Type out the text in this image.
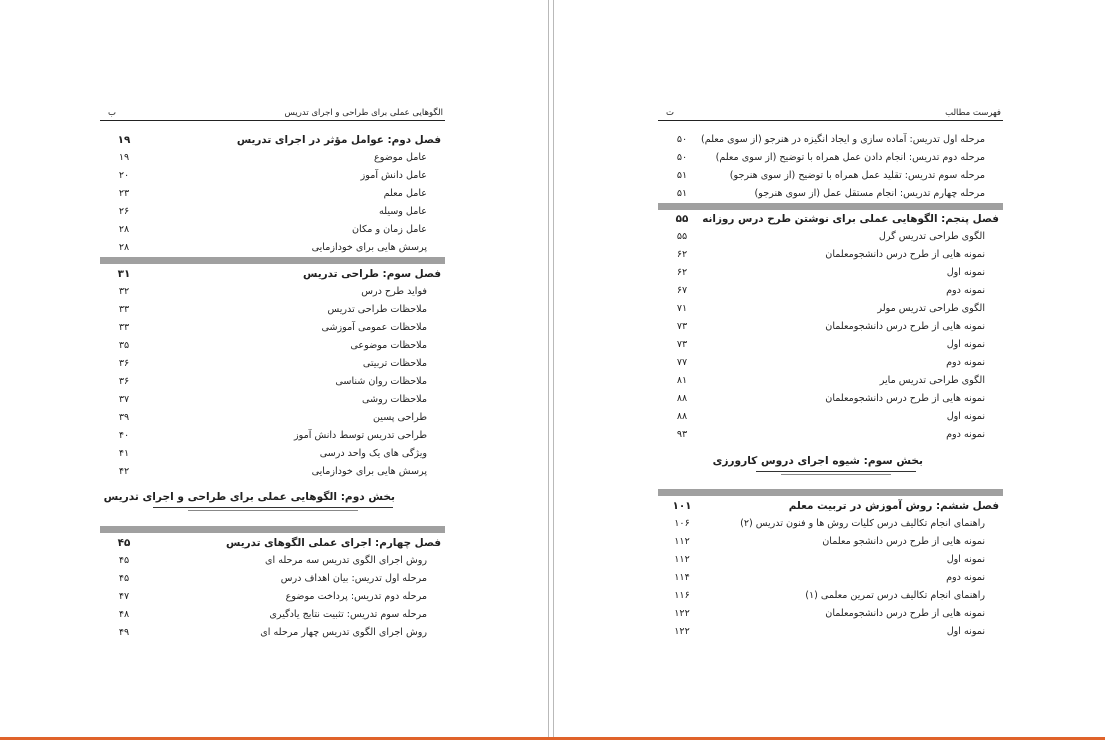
الگوهایی عملی برای طراحی و اجرای تدریس
ب
فصل دوم: عوامل مؤثر در اجرای تدریس
۱۹
عامل موضوع
۱۹
عامل دانش آموز
۲۰
عامل معلم
۲۳
عامل وسیله
۲۶
عامل زمان و مکان
۲۸
پرسش هایی برای خودازمایی
۲۸
فصل سوم: طراحی تدریس
۳۱
فواید طرح درس
۳۲
ملاحظات طراحی تدریس
۳۳
ملاحظات عمومی آموزشی
۳۳
ملاحظات موضوعی
۳۵
ملاحظات تربیتی
۳۶
ملاحظات روان شناسی
۳۶
ملاحظات روشی
۳۷
طراحی پسین
۳۹
طراحی تدریس توسط دانش آموز
۴۰
ویژگی های یک واحد درسی
۴۱
پرسش هایی برای خودازمایی
۴۲
بخش دوم: الگوهایی عملی برای طراحی و اجرای تدریس
فصل چهارم: اجرای عملی الگوهای تدریس
۴۵
روش اجرای الگوی تدریس سه مرحله ای
۴۵
مرحله اول تدریس: بیان اهداف درس
۴۵
مرحله دوم تدریس: پرداخت موضوع
۴۷
مرحله سوم تدریس: تثبیت نتایج یادگیری
۴۸
روش اجرای الگوی تدریس چهار مرحله ای
۴۹
فهرست مطالب
ت
مرحله اول تدریس: آماده سازی و ایجاد انگیزه در هنرجو (از سوی معلم)
۵۰
مرحله دوم تدریس: انجام دادن عمل همراه با توضیح (از سوی معلم)
۵۰
مرحله سوم تدریس: تقلید عمل همراه با توضیح (از سوی هنرجو)
۵۱
مرحله چهارم تدریس: انجام مستقل عمل (از سوی هنرجو)
۵۱
فصل پنجم: الگوهایی عملی برای نوشتن طرح درس روزانه
۵۵
الگوی طراحی تدریس گرل
۵۵
نمونه هایی از طرح درس دانشجومعلمان
۶۲
نمونه اول
۶۲
نمونه دوم
۶۷
الگوی طراحی تدریس مولر
۷۱
نمونه هایی از طرح درس دانشجومعلمان
۷۳
نمونه اول
۷۳
نمونه دوم
۷۷
الگوی طراحی تدریس مایر
۸۱
نمونه هایی از طرح درس دانشجومعلمان
۸۸
نمونه اول
۸۸
نمونه دوم
۹۳
بخش سوم: شیوه اجرای دروس کارورزی
فصل ششم: روش آموزش در تربیت معلم
۱۰۱
راهنمای انجام تکالیف درس کلیات روش ها و فنون تدریس (۲)
۱۰۶
نمونه هایی از طرح درس دانشجو معلمان
۱۱۲
نمونه اول
۱۱۲
نمونه دوم
۱۱۴
راهنمای انجام تکالیف درس تمرین معلمی (۱)
۱۱۶
نمونه هایی از طرح درس دانشجومعلمان
۱۲۲
نمونه اول
۱۲۲
